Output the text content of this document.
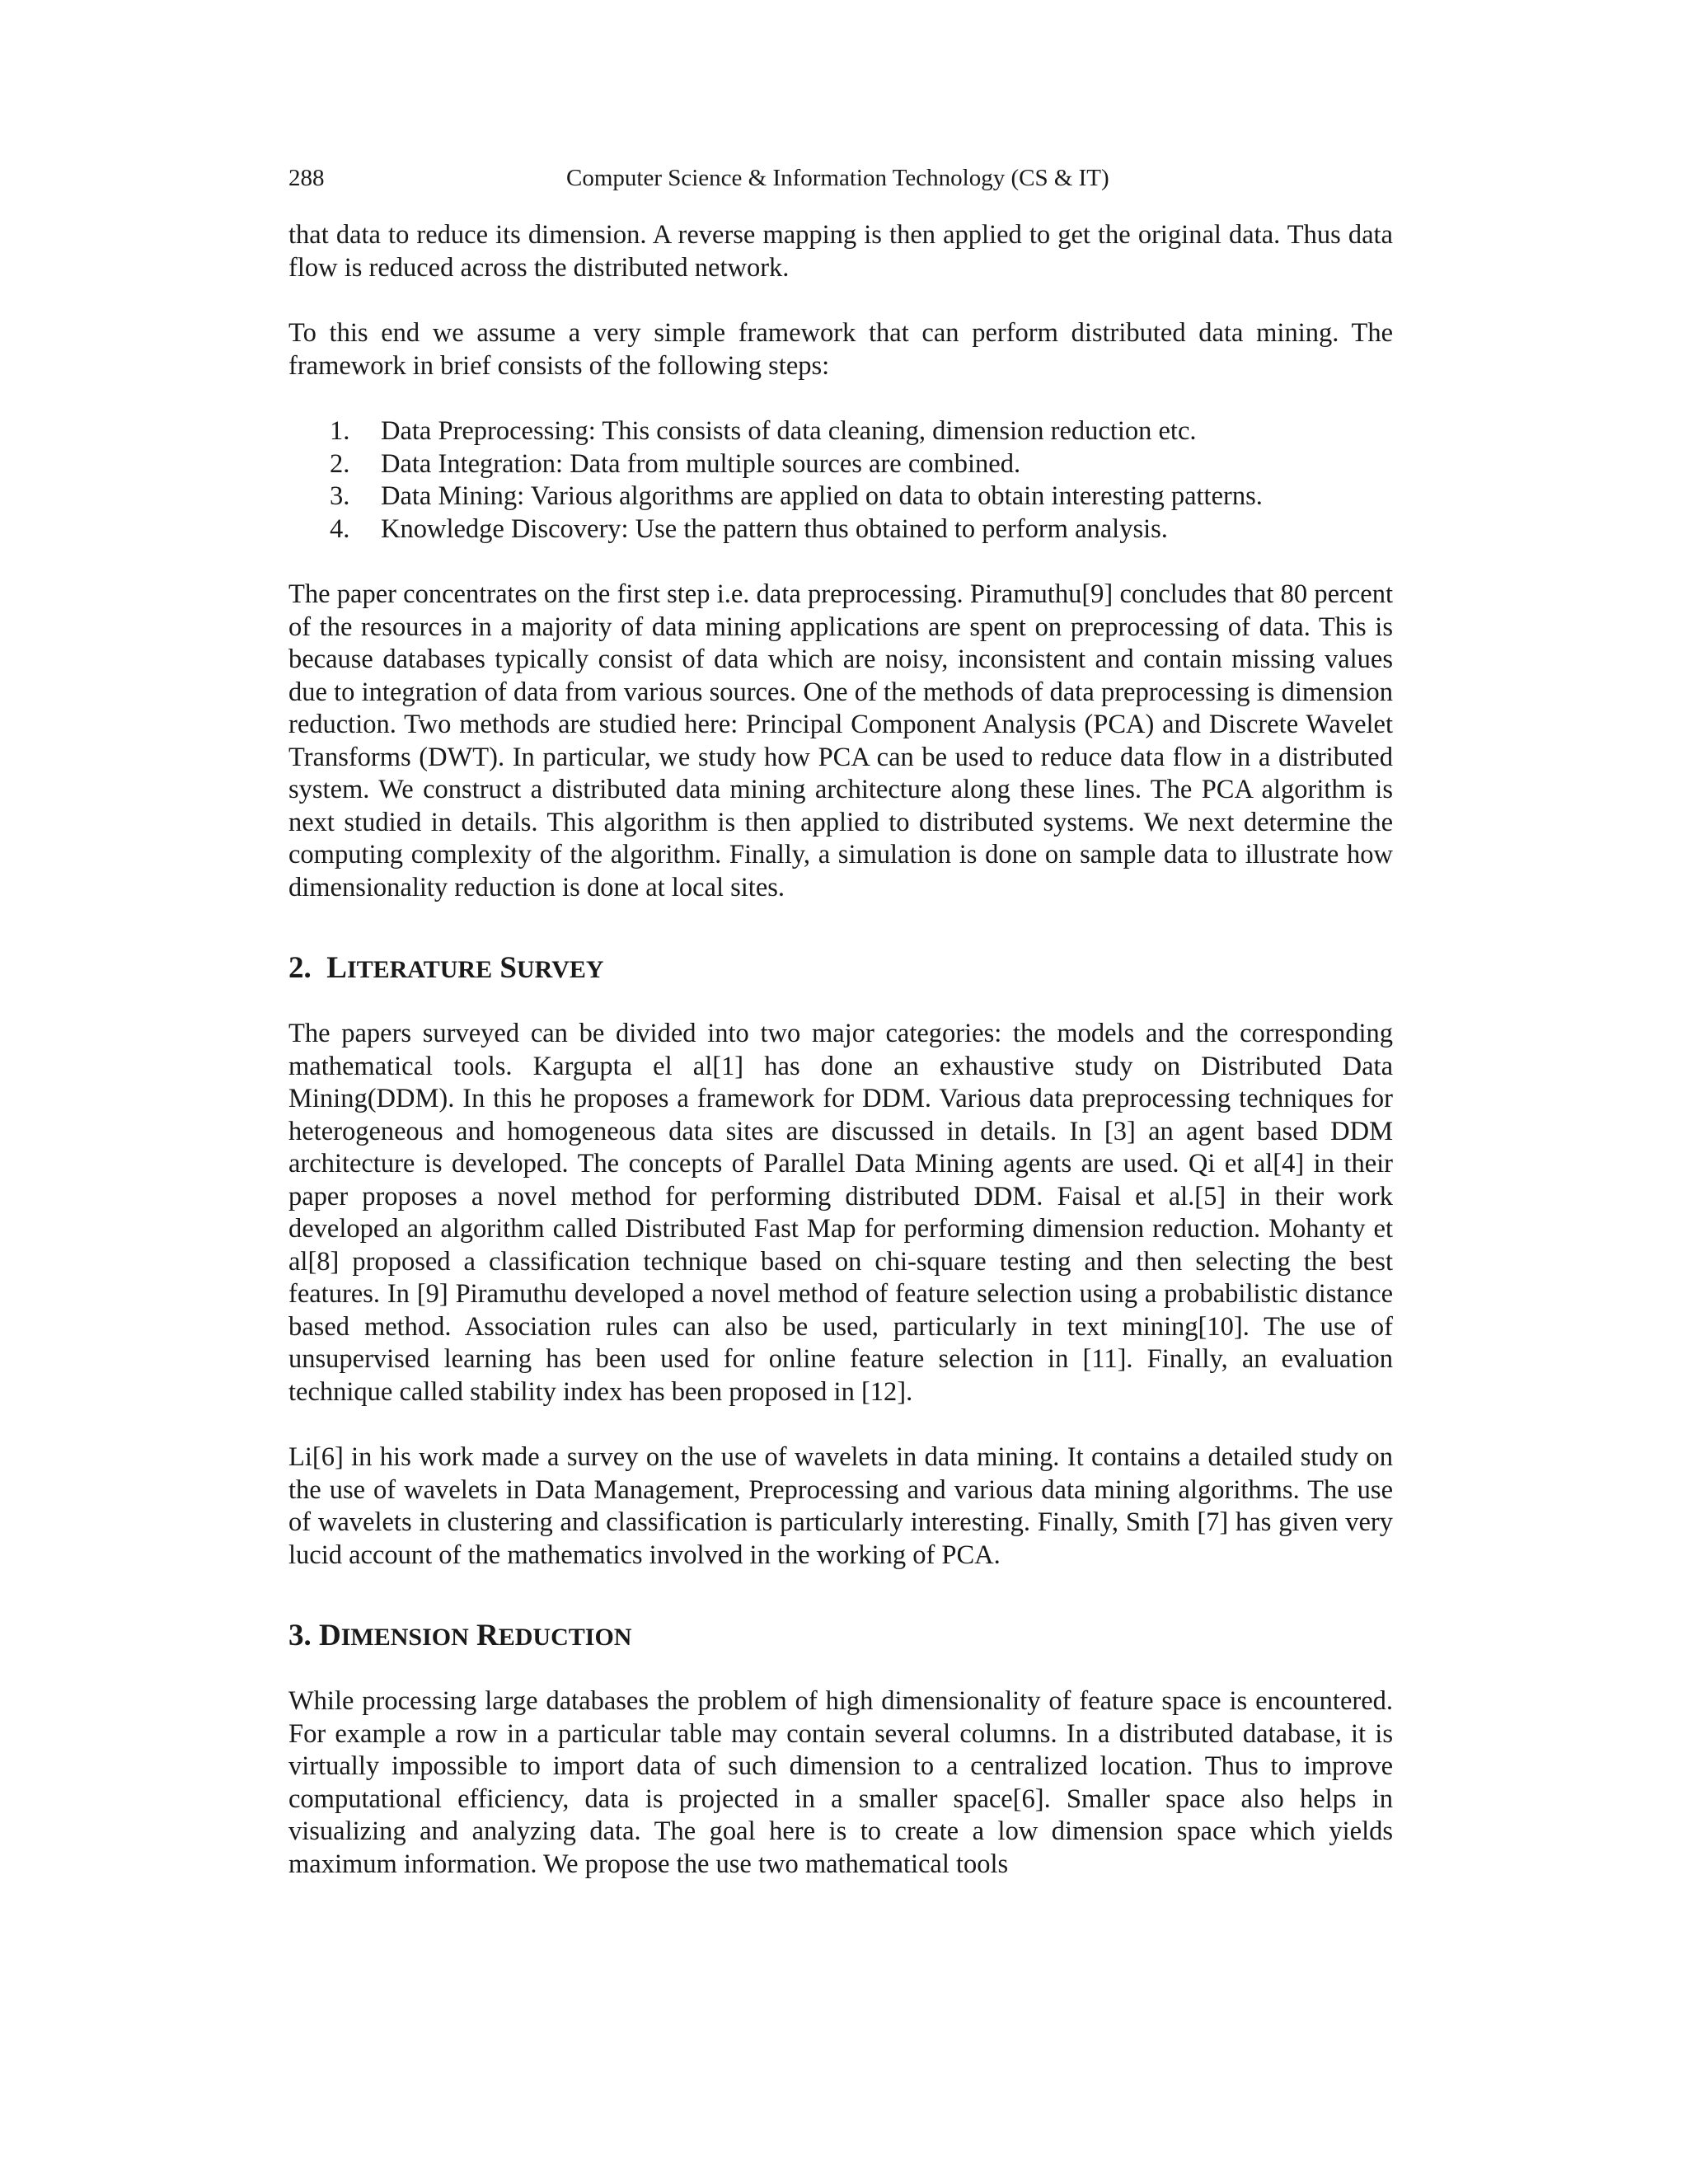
288	Computer Science & Information Technology (CS & IT)

that data to reduce its dimension. A reverse mapping is then applied to get the original data. Thus data flow is reduced across the distributed network.

To this end we assume a very simple framework that can perform distributed data mining. The framework in brief consists of the following steps:

1. Data Preprocessing: This consists of data cleaning, dimension reduction etc.
2. Data Integration: Data from multiple sources are combined.
3. Data Mining: Various algorithms are applied on data to obtain interesting patterns.
4. Knowledge Discovery: Use the pattern thus obtained to perform analysis.

The paper concentrates on the first step i.e. data preprocessing. Piramuthu[9] concludes that 80 percent of the resources in a majority of data mining applications are spent on preprocessing of data. This is because databases typically consist of data which are noisy, inconsistent and contain missing values due to integration of data from various sources. One of the methods of data preprocessing is dimension reduction. Two methods are studied here: Principal Component Analysis (PCA) and Discrete Wavelet Transforms (DWT). In particular, we study how PCA can be used to reduce data flow in a distributed system. We construct a distributed data mining architecture along these lines. The PCA algorithm is next studied in details. This algorithm is then applied to distributed systems. We next determine the computing complexity of the algorithm. Finally, a simulation is done on sample data to illustrate how dimensionality reduction is done at local sites.

2. LITERATURE SURVEY

The papers surveyed can be divided into two major categories: the models and the corresponding mathematical tools. Kargupta el al[1] has done an exhaustive study on Distributed Data Mining(DDM). In this he proposes a framework for DDM. Various data preprocessing techniques for heterogeneous and homogeneous data sites are discussed in details. In [3] an agent based DDM architecture is developed. The concepts of Parallel Data Mining agents are used. Qi et al[4] in their paper proposes a novel method for performing distributed DDM. Faisal et al.[5] in their work developed an algorithm called Distributed Fast Map for performing dimension reduction. Mohanty et al[8] proposed a classification technique based on chi-square testing and then selecting the best features. In [9] Piramuthu developed a novel method of feature selection using a probabilistic distance based method. Association rules can also be used, particularly in text mining[10]. The use of unsupervised learning has been used for online feature selection in [11]. Finally, an evaluation technique called stability index has been proposed in [12].

Li[6] in his work made a survey on the use of wavelets in data mining. It contains a detailed study on the use of wavelets in Data Management, Preprocessing and various data mining algorithms. The use of wavelets in clustering and classification is particularly interesting. Finally, Smith [7] has given very lucid account of the mathematics involved in the working of PCA.

3. DIMENSION REDUCTION

While processing large databases the problem of high dimensionality of feature space is encountered. For example a row in a particular table may contain several columns. In a distributed database, it is virtually impossible to import data of such dimension to a centralized location. Thus to improve computational efficiency, data is projected in a smaller space[6]. Smaller space also helps in visualizing and analyzing data. The goal here is to create a low dimension space which yields maximum information. We propose the use two mathematical tools
